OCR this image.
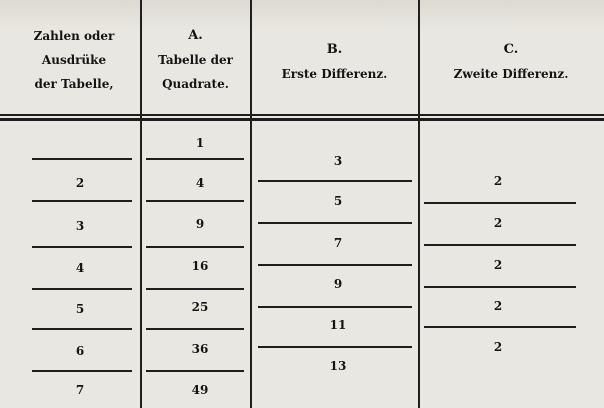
Zahlen oder
Ausdrüke
der Tabelle,
A.
Tabelle der
Quadrate.
B.
Erste Differenz.
C.
Zweite Differenz.
2
3
4
5
6
7
1
4
9
16
25
36
49
3
5
7
9
11
13
2
2
2
2
2
